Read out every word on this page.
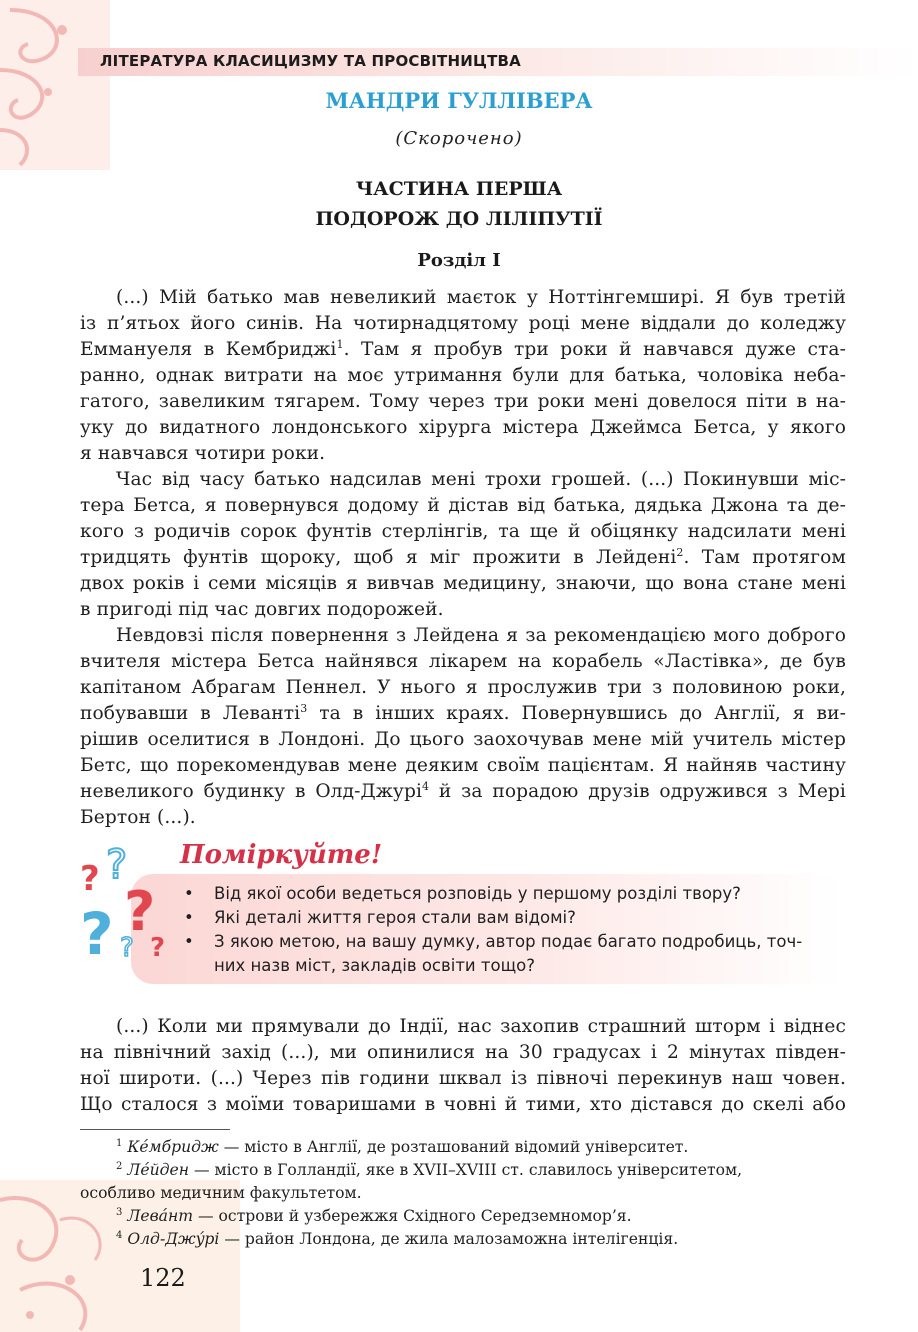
ЛІТЕРАТУРА КЛАСИЦИЗМУ ТА ПРОСВІТНИЦТВА
МАНДРИ ГУЛЛІВЕРА
(Скорочено)
ЧАСТИНА ПЕРША
ПОДОРОЖ ДО ЛІЛІПУТІЇ
Розділ І
(...) Мій батько мав невеликий маєток у Ноттінгемширі. Я був третій
із п’ятьох його синів. На чотирнадцятому році мене віддали до коледжу
Еммануеля в Кембриджі$^1$. Там я пробув три роки й навчався дуже ста-
ранно, однак витрати на моє утримання були для батька, чоловіка неба-
гатого, завеликим тягарем. Тому через три роки мені довелося піти в на-
уку до видатного лондонського хірурга містера Джеймса Бетса, у якого
я навчався чотири роки.
Час від часу батько надсилав мені трохи грошей. (...) Покинувши міс-
тера Бетса, я повернувся додому й дістав від батька, дядька Джона та де-
кого з родичів сорок фунтів стерлінгів, та ще й обіцянку надсилати мені
тридцять фунтів щороку, щоб я міг прожити в Лейдені$^2$. Там протягом
двох років і семи місяців я вивчав медицину, знаючи, що вона стане мені
в пригоді під час довгих подорожей.
Невдовзі після повернення з Лейдена я за рекомендацією мого доброго
вчителя містера Бетса найнявся лікарем на корабель «Ластівка», де був
капітаном Абрагам Пеннел. У нього я прослужив три з половиною роки,
побувавши в Леванті$^3$ та в інших краях. Повернувшись до Англії, я ви-
рішив оселитися в Лондоні. До цього заохочував мене мій учитель містер
Бетс, що порекомендував мене деяким своїм пацієнтам. Я найняв частину
невеликого будинку в Олд-Джурі$^4$ й за порадою друзів одружився з Мері
Бертон (...).
? ?
?
? ? ?
Поміркуйте!
• Від якої особи ведеться розповідь у першому розділі твору?
• Які деталі життя героя стали вам відомі?
• З якою метою, на вашу думку, автор подає багато подробиць, точ-
них назв міст, закладів освіти тощо?
(...) Коли ми прямували до Індії, нас захопив страшний шторм і віднес
на північний захід (...), ми опинилися на 30 градусах і 2 мінутах півден-
ної широти. (...) Через пів години шквал із півночі перекинув наш човен.
Що сталося з моїми товаришами в човні й тими, хто дістався до скелі або
$^1$ Кéмбридж — місто в Англії, де розташований відомий університет.
$^2$ Лéйден — місто в Голландії, яке в XVII–XVIII ст. славилось університетом,
особливо медичним факультетом.
$^3$ Левáнт — острови й узбережжя Східного Середземномор’я.
$^4$ Олд-Джýрі — район Лондона, де жила малозаможна інтелігенція.
122
